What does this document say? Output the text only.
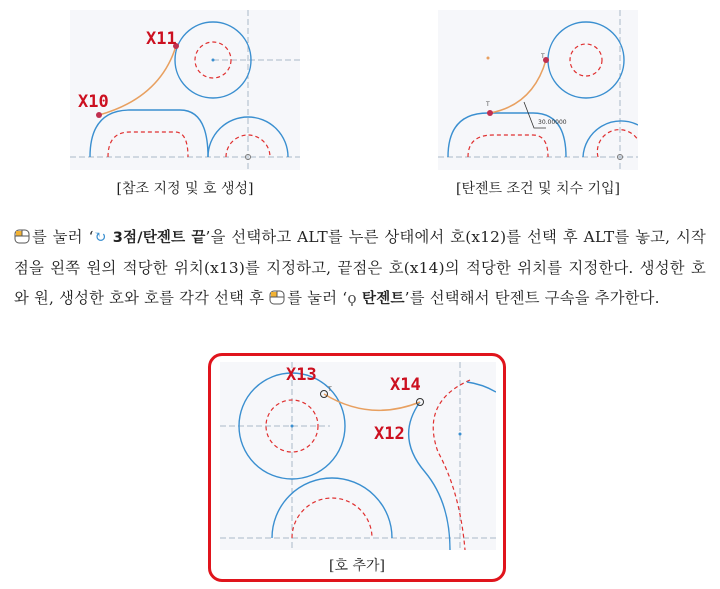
X11
X10
[참조 지정 및 호 생성]
T
T
30.00000
[탄젠트 조건 및 치수 기입]
를 눌러 ‘↻ 3점/탄젠트 끝’을 선택하고 ALT를 누른 상태에서 호(x12)를 선택 후 ALT를 놓고, 시작점을 왼쪽 원의 적당한 위치(x13)를 지정하고, 끝점은 호(x14)의 적당한 위치를 지정한다. 생성한 호와 원, 생성한 호와 호를 각각 선택 후 를 눌러 ‘ϙ 탄젠트’를 선택해서 탄젠트 구속을 추가한다.
T
X13	X14
X12
[호 추가]
